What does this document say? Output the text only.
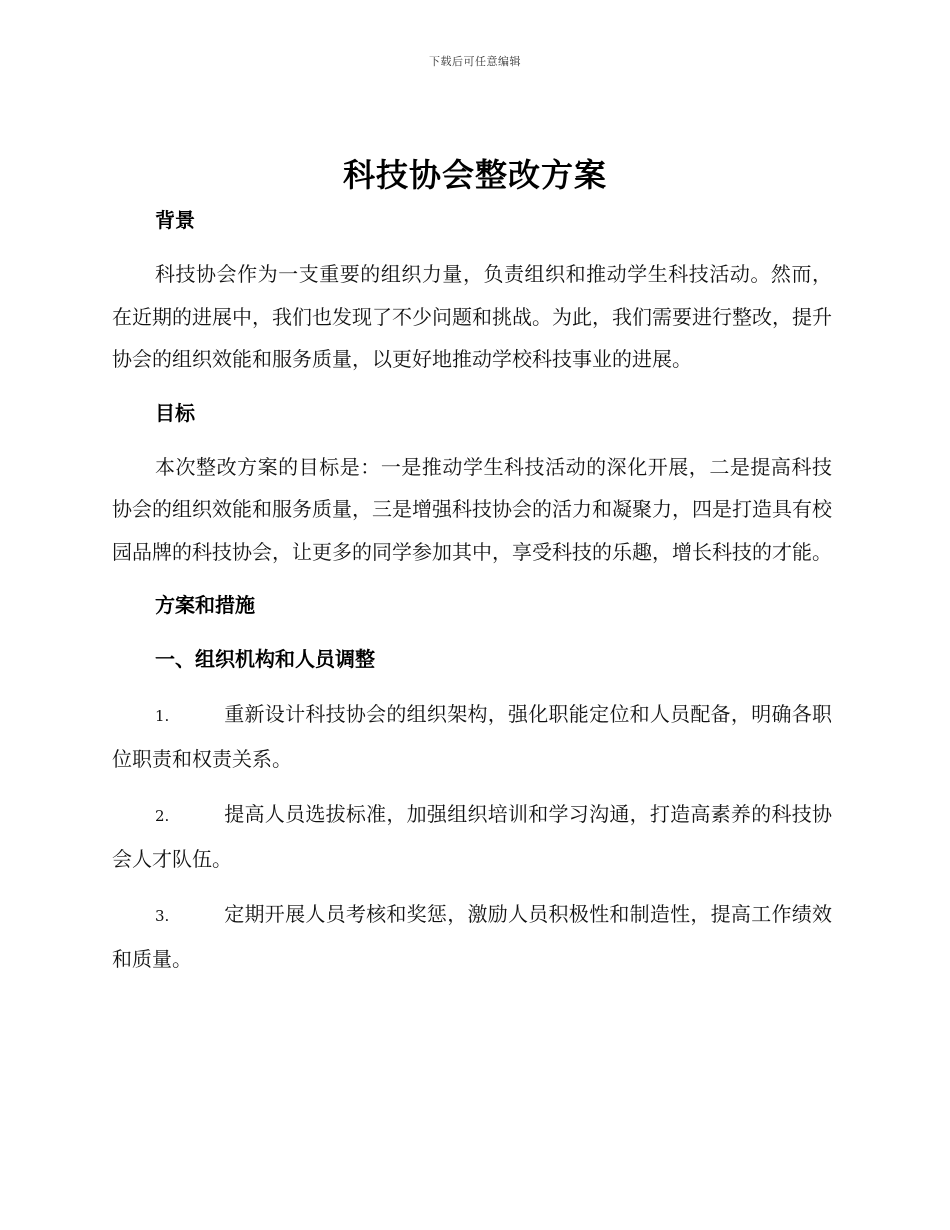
下载后可任意编辑
科技协会整改方案
背景

科技协会作为一支重要的组织力量，负责组织和推动学生科技活动。然而，在近期的进展中，我们也发现了不少问题和挑战。为此，我们需要进行整改，提升协会的组织效能和服务质量，以更好地推动学校科技事业的进展。

目标

本次整改方案的目标是：一是推动学生科技活动的深化开展，二是提高科技协会的组织效能和服务质量，三是增强科技协会的活力和凝聚力，四是打造具有校园品牌的科技协会，让更多的同学参加其中，享受科技的乐趣，增长科技的才能。

方案和措施
一、组织机构和人员调整

1.	重新设计科技协会的组织架构，强化职能定位和人员配备，明确各职位职责和权责关系。

2.	提高人员选拔标准，加强组织培训和学习沟通，打造高素养的科技协会人才队伍。

3.	定期开展人员考核和奖惩，激励人员积极性和制造性，提高工作绩效和质量。
